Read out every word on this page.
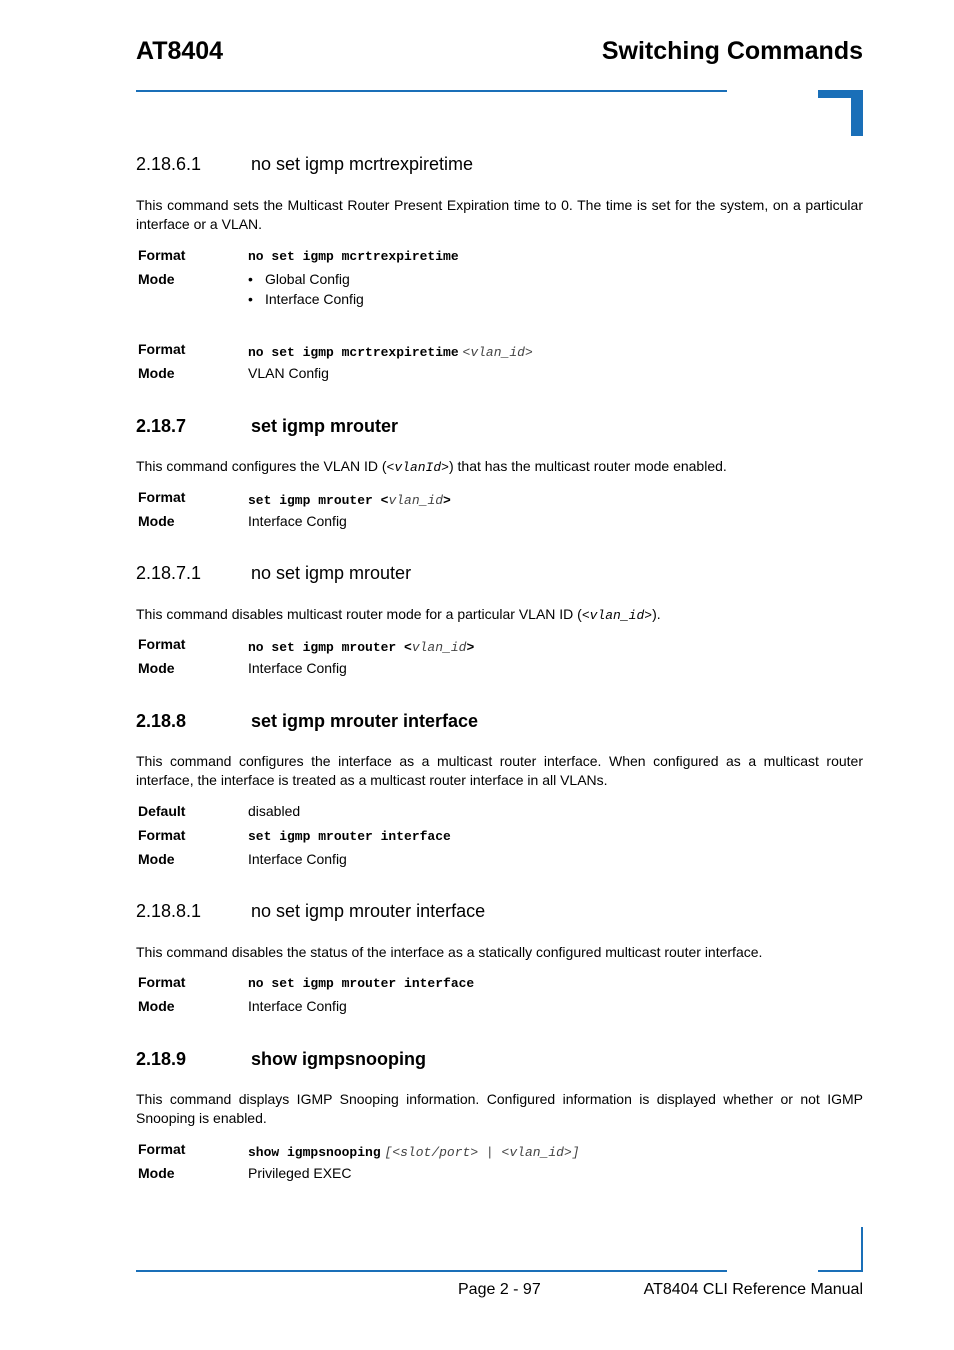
AT8404	Switching Commands
2.18.6.1	no set igmp mcrtrexpiretime
This command sets the Multicast Router Present Expiration time to 0. The time is set for the system, on a particular interface or a VLAN.
Format	no set igmp mcrtrexpiretime
Mode	• Global Config
• Interface Config
Format	no set igmp mcrtrexpiretime <vlan_id>
Mode	VLAN Config
2.18.7	set igmp mrouter
This command configures the VLAN ID (<vlanId>) that has the multicast router mode enabled.
Format	set igmp mrouter <vlan_id>
Mode	Interface Config
2.18.7.1	no set igmp mrouter
This command disables multicast router mode for a particular VLAN ID (<vlan_id>).
Format	no set igmp mrouter <vlan_id>
Mode	Interface Config
2.18.8	set igmp mrouter interface
This command configures the interface as a multicast router interface. When configured as a multicast router interface, the interface is treated as a multicast router interface in all VLANs.
Default	disabled
Format	set igmp mrouter interface
Mode	Interface Config
2.18.8.1	no set igmp mrouter interface
This command disables the status of the interface as a statically configured multicast router interface.
Format	no set igmp mrouter interface
Mode	Interface Config
2.18.9	show igmpsnooping
This command displays IGMP Snooping information. Configured information is displayed whether or not IGMP Snooping is enabled.
Format	show igmpsnooping [<slot/port> | <vlan_id>]
Mode	Privileged EXEC
Page 2 - 97	AT8404 CLI Reference Manual
